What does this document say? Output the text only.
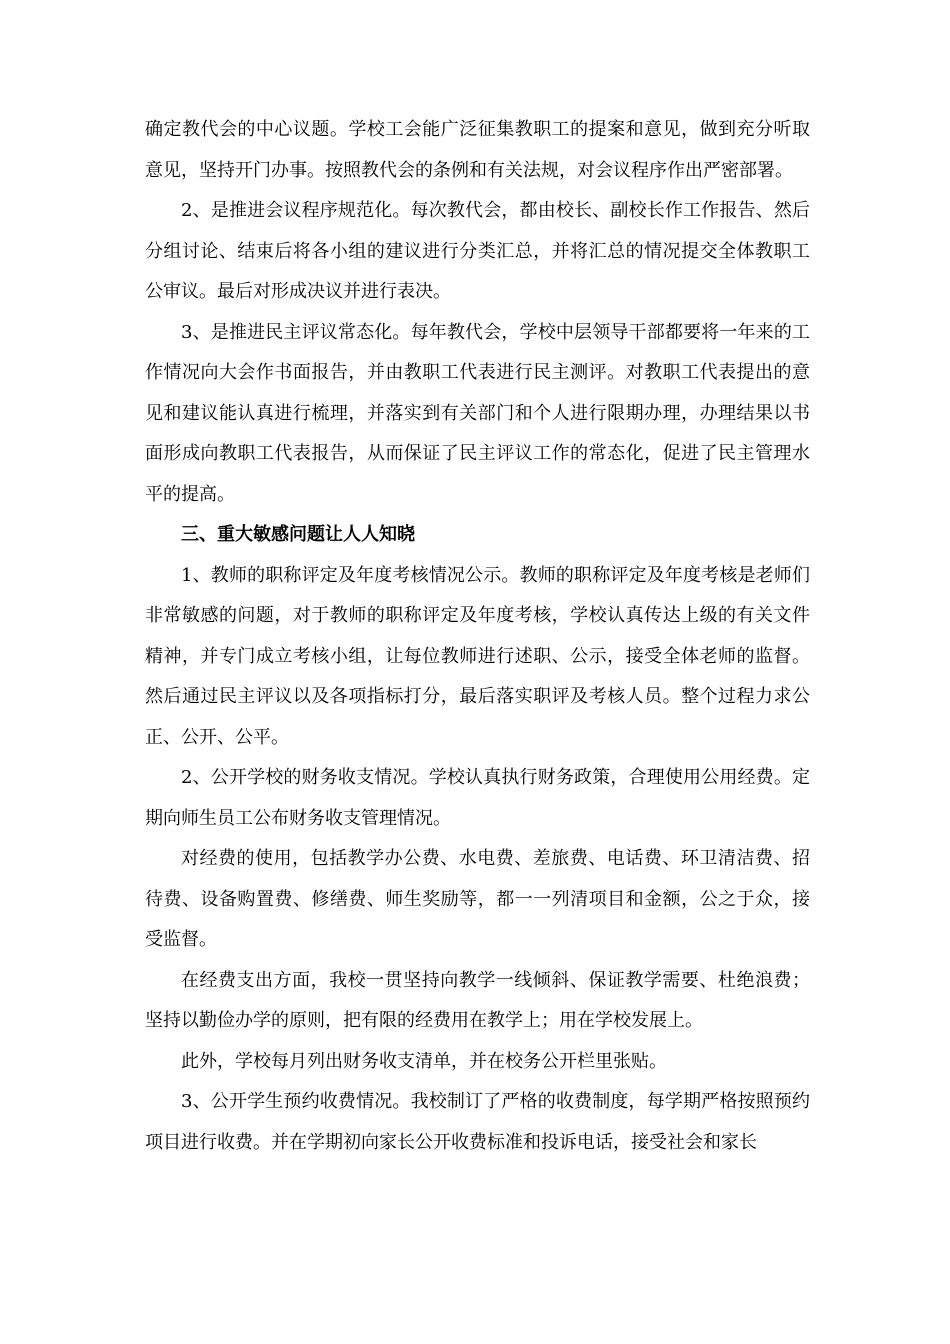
确定教代会的中心议题。学校工会能广泛征集教职工的提案和意见，做到充分听取意见，坚持开门办事。按照教代会的条例和有关法规，对会议程序作出严密部署。

2、是推进会议程序规范化。每次教代会，都由校长、副校长作工作报告、然后分组讨论、结束后将各小组的建议进行分类汇总，并将汇总的情况提交全体教职工公审议。最后对形成决议并进行表决。

3、是推进民主评议常态化。每年教代会，学校中层领导干部都要将一年来的工作情况向大会作书面报告，并由教职工代表进行民主测评。对教职工代表提出的意见和建议能认真进行梳理，并落实到有关部门和个人进行限期办理，办理结果以书面形成向教职工代表报告，从而保证了民主评议工作的常态化，促进了民主管理水平的提高。

三、重大敏感问题让人人知晓

1、教师的职称评定及年度考核情况公示。教师的职称评定及年度考核是老师们非常敏感的问题，对于教师的职称评定及年度考核，学校认真传达上级的有关文件精神，并专门成立考核小组，让每位教师进行述职、公示，接受全体老师的监督。然后通过民主评议以及各项指标打分，最后落实职评及考核人员。整个过程力求公正、公开、公平。

2、公开学校的财务收支情况。学校认真执行财务政策，合理使用公用经费。定期向师生员工公布财务收支管理情况。

对经费的使用，包括教学办公费、水电费、差旅费、电话费、环卫清洁费、招待费、设备购置费、修缮费、师生奖励等，都一一列清项目和金额，公之于众，接受监督。

在经费支出方面，我校一贯坚持向教学一线倾斜、保证教学需要、杜绝浪费；坚持以勤俭办学的原则，把有限的经费用在教学上；用在学校发展上。

此外，学校每月列出财务收支清单，并在校务公开栏里张贴。

3、公开学生预约收费情况。我校制订了严格的收费制度，每学期严格按照预约项目进行收费。并在学期初向家长公开收费标准和投诉电话，接受社会和家长
